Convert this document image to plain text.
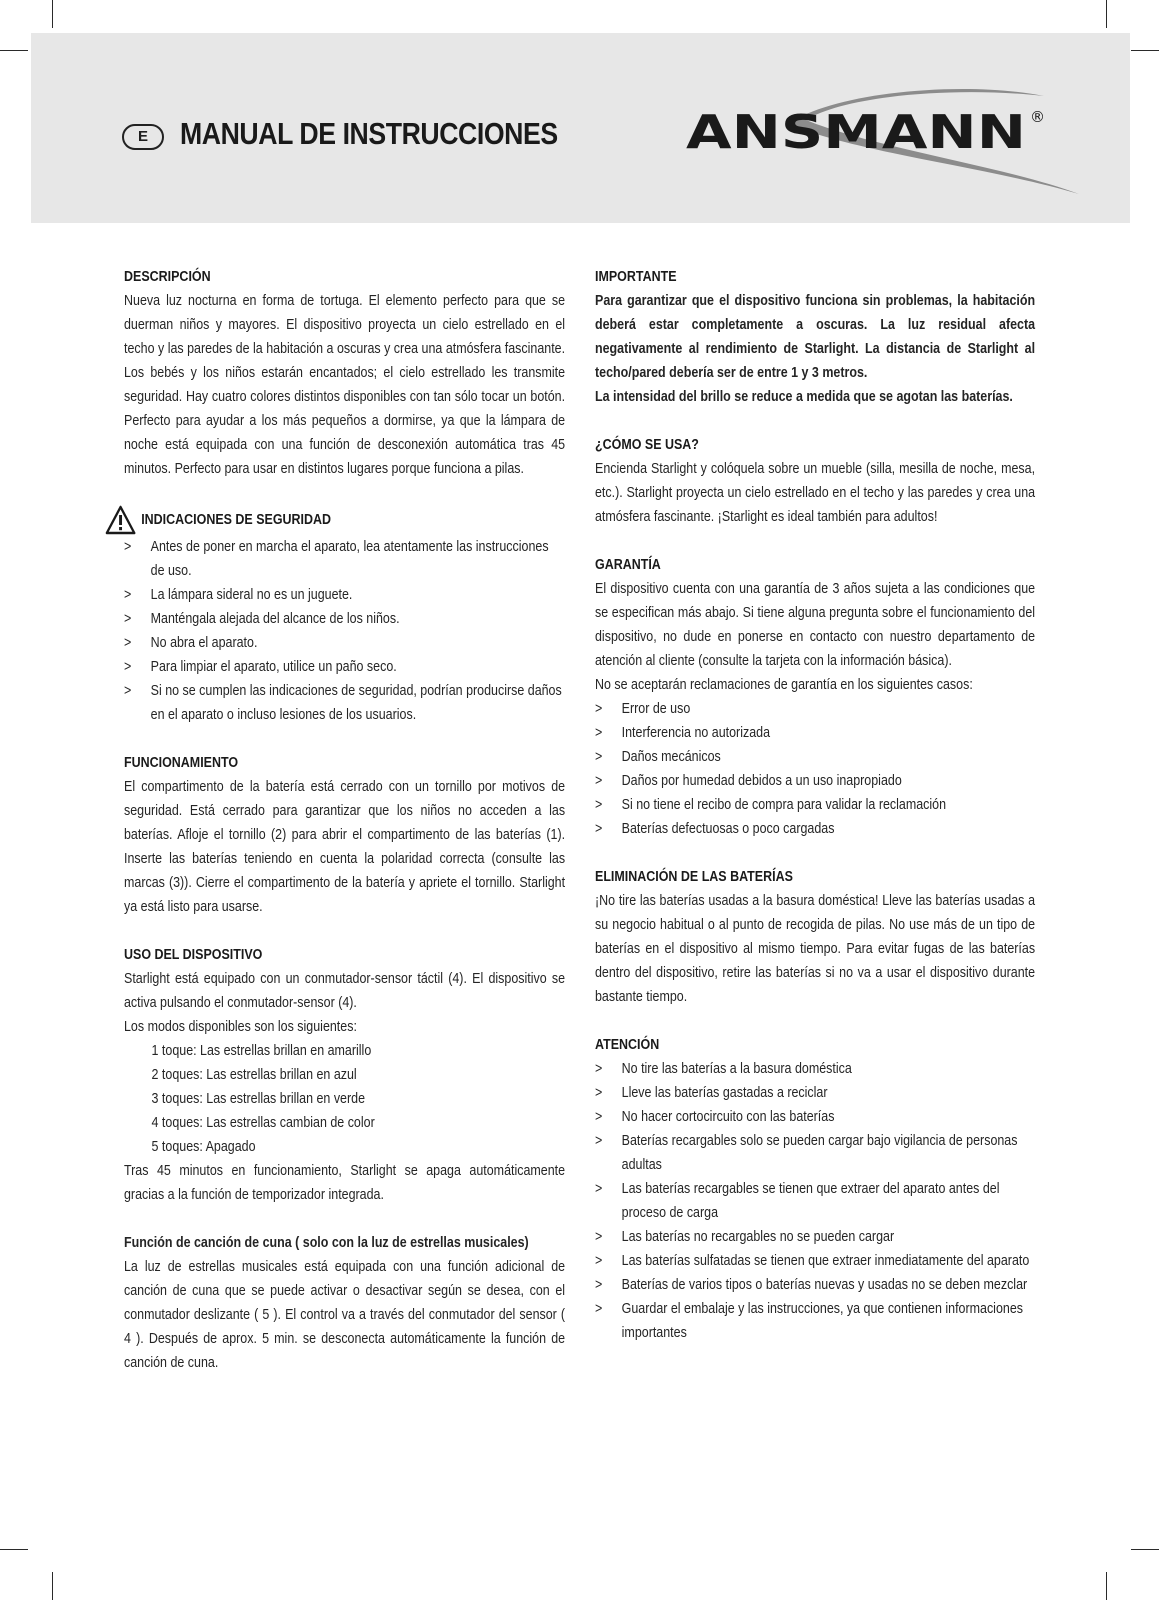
E	MANUAL DE INSTRUCCIONES	ANSMANN ®

DESCRIPCIÓN

Nueva luz nocturna en forma de tortuga. El elemento perfecto para que se duerman niños y mayores. El dispositivo proyecta un cielo estrellado en el techo y las paredes de la habitación a oscuras y crea una atmósfera fascinante. Los bebés y los niños estarán encantados; el cielo estrellado les transmite seguridad. Hay cuatro colores distintos disponibles con tan sólo tocar un botón. Perfecto para ayudar a los más pequeños a dormirse, ya que la lámpara de noche está equipada con una función de desconexión automática tras 45 minutos. Perfecto para usar en distintos lugares porque funciona a pilas.

INDICACIONES DE SEGURIDAD

> Antes de poner en marcha el aparato, lea atentamente las instrucciones de uso.
> La lámpara sideral no es un juguete.
> Manténgala alejada del alcance de los niños.
> No abra el aparato.
> Para limpiar el aparato, utilice un paño seco.
> Si no se cumplen las indicaciones de seguridad, podrían producirse daños en el aparato o incluso lesiones de los usuarios.

FUNCIONAMIENTO

El compartimento de la batería está cerrado con un tornillo por motivos de seguridad. Está cerrado para garantizar que los niños no acceden a las baterías. Afloje el tornillo (2) para abrir el compartimento de las baterías (1). Inserte las baterías teniendo en cuenta la polaridad correcta (consulte las marcas (3)). Cierre el compartimento de la batería y apriete el tornillo. Starlight ya está listo para usarse.

USO DEL DISPOSITIVO

Starlight está equipado con un conmutador-sensor táctil (4). El dispositivo se activa pulsando el conmutador-sensor (4).

Los modos disponibles son los siguientes:

1 toque: Las estrellas brillan en amarillo
2 toques: Las estrellas brillan en azul
3 toques: Las estrellas brillan en verde
4 toques: Las estrellas cambian de color
5 toques: Apagado

Tras 45 minutos en funcionamiento, Starlight se apaga automáticamente gracias a la función de temporizador integrada.

Función de canción de cuna ( solo con la luz de estrellas musicales)

La luz de estrellas musicales está equipada con una función adicional de canción de cuna que se puede activar o desactivar según se desea, con el conmutador deslizante ( 5 ). El control va a través del conmutador del sensor ( 4 ). Después de aprox. 5 min. se desconecta automáticamente la función de canción de cuna.

IMPORTANTE

Para garantizar que el dispositivo funciona sin problemas, la habitación deberá estar completamente a oscuras. La luz residual afecta negativamente al rendimiento de Starlight. La distancia de Starlight al techo/pared debería ser de entre 1 y 3 metros.

La intensidad del brillo se reduce a medida que se agotan las baterías.

¿CÓMO SE USA?

Encienda Starlight y colóquela sobre un mueble (silla, mesilla de noche, mesa, etc.). Starlight proyecta un cielo estrellado en el techo y las paredes y crea una atmósfera fascinante. ¡Starlight es ideal también para adultos!

GARANTÍA

El dispositivo cuenta con una garantía de 3 años sujeta a las condiciones que se especifican más abajo. Si tiene alguna pregunta sobre el funcionamiento del dispositivo, no dude en ponerse en contacto con nuestro departamento de atención al cliente (consulte la tarjeta con la información básica).

No se aceptarán reclamaciones de garantía en los siguientes casos:

> Error de uso
> Interferencia no autorizada
> Daños mecánicos
> Daños por humedad debidos a un uso inapropiado
> Si no tiene el recibo de compra para validar la reclamación
> Baterías defectuosas o poco cargadas

ELIMINACIÓN DE LAS BATERÍAS

¡No tire las baterías usadas a la basura doméstica! Lleve las baterías usadas a su negocio habitual o al punto de recogida de pilas. No use más de un tipo de baterías en el dispositivo al mismo tiempo. Para evitar fugas de las baterías dentro del dispositivo, retire las baterías si no va a usar el dispositivo durante bastante tiempo.

ATENCIÓN

> No tire las baterías a la basura doméstica
> Lleve las baterías gastadas a reciclar
> No hacer cortocircuito con las baterías
> Baterías recargables solo se pueden cargar bajo vigilancia de personas adultas
> Las baterías recargables se tienen que extraer del aparato antes del proceso de carga
> Las baterías no recargables no se pueden cargar
> Las baterías sulfatadas se tienen que extraer inmediatamente del aparato
> Baterías de varios tipos o baterías nuevas y usadas no se deben mezclar
> Guardar el embalaje y las instrucciones, ya que contienen informaciones importantes
